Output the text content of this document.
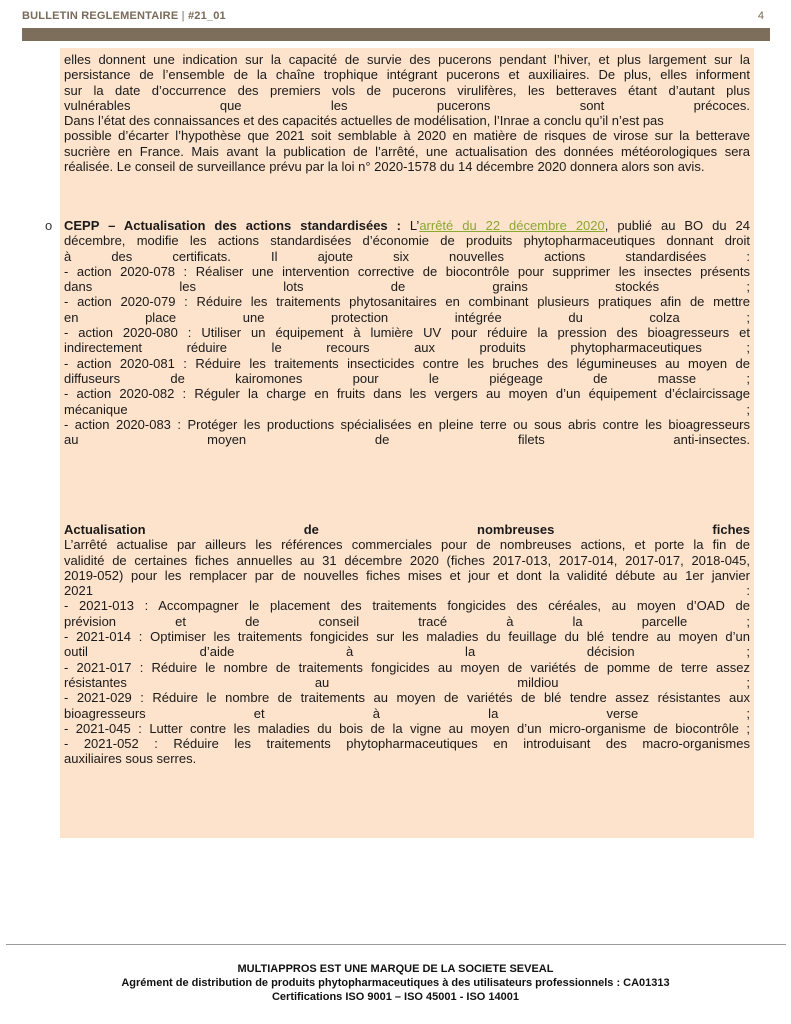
BULLETIN REGLEMENTAIRE | #21_01	4

elles donnent une indication sur la capacité de survie des pucerons pendant l’hiver, et plus largement sur la

persistance de l’ensemble de la chaîne trophique intégrant pucerons et auxiliaires. De plus, elles informent

sur la date d’occurrence des premiers vols de pucerons virulifères, les betteraves étant d’autant plus

vulnérables que les pucerons sont précoces.

Dans l’état des connaissances et des capacités actuelles de modélisation, l’Inrae a conclu qu’il n’est pas

possible d’écarter l’hypothèse que 2021 soit semblable à 2020 en matière de risques de virose sur la betterave

sucrière en France. Mais avant la publication de l’arrêté, une actualisation des données météorologiques sera

réalisée. Le conseil de surveillance prévu par la loi n° 2020-1578 du 14 décembre 2020 donnera alors son avis.

o CEPP – Actualisation des actions standardisées : L’arrêté du 22 décembre 2020, publié au BO du 24

décembre, modifie les actions standardisées d’économie de produits phytopharmaceutiques donnant droit

à des certificats. Il ajoute six nouvelles actions standardisées :

- action 2020-078 : Réaliser une intervention corrective de biocontrôle pour supprimer les insectes présents

dans les lots de grains stockés ;

- action 2020-079 : Réduire les traitements phytosanitaires en combinant plusieurs pratiques afin de mettre

en place une protection intégrée du colza ;

- action 2020-080 : Utiliser un équipement à lumière UV pour réduire la pression des bioagresseurs et

indirectement réduire le recours aux produits phytopharmaceutiques ;

- action 2020-081 : Réduire les traitements insecticides contre les bruches des légumineuses au moyen de

diffuseurs de kairomones pour le piégeage de masse ;

- action 2020-082 : Réguler la charge en fruits dans les vergers au moyen d’un équipement d’éclaircissage

mécanique ;

- action 2020-083 : Protéger les productions spécialisées en pleine terre ou sous abris contre les bioagresseurs

au moyen de filets anti-insectes.

Actualisation de nombreuses fiches

L’arrêté actualise par ailleurs les références commerciales pour de nombreuses actions, et porte la fin de

validité de certaines fiches annuelles au 31 décembre 2020 (fiches 2017-013, 2017-014, 2017-017, 2018-045,

2019-052) pour les remplacer par de nouvelles fiches mises et jour et dont la validité débute au 1er janvier

2021 :

- 2021-013 : Accompagner le placement des traitements fongicides des céréales, au moyen d’OAD de

prévision et de conseil tracé à la parcelle ;

- 2021-014 : Optimiser les traitements fongicides sur les maladies du feuillage du blé tendre au moyen d’un

outil d’aide à la décision ;

- 2021-017 : Réduire le nombre de traitements fongicides au moyen de variétés de pomme de terre assez

résistantes au mildiou ;

- 2021-029 : Réduire le nombre de traitements au moyen de variétés de blé tendre assez résistantes aux

bioagresseurs et à la verse ;

- 2021-045 : Lutter contre les maladies du bois de la vigne au moyen d’un micro-organisme de biocontrôle ;

- 2021-052 : Réduire les traitements phytopharmaceutiques en introduisant des macro-organismes

auxiliaires sous serres.

MULTIAPPROS EST UNE MARQUE DE LA SOCIETE SEVEAL
Agrément de distribution de produits phytopharmaceutiques à des utilisateurs professionnels : CA01313
Certifications ISO 9001 – ISO 45001 - ISO 14001
